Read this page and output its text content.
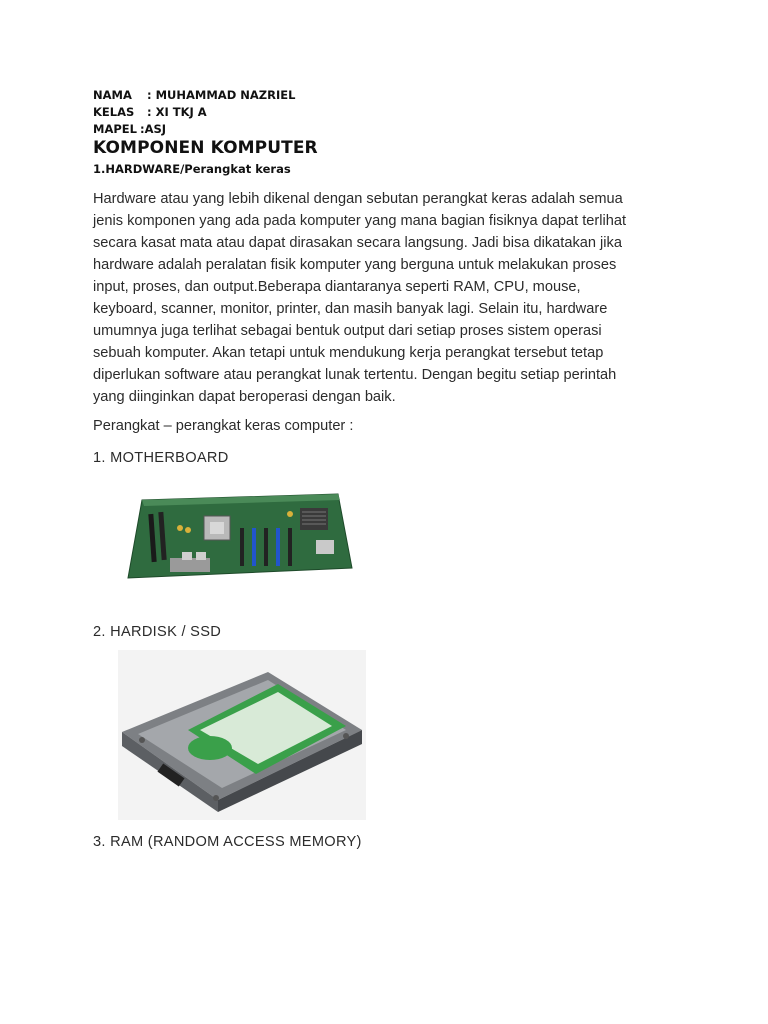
NAMA : MUHAMMAD NAZRIEL
KELAS : XI TKJ A
MAPEL :ASJ
KOMPONEN KOMPUTER
1.HARDWARE/Perangkat keras

Hardware atau yang lebih dikenal dengan sebutan perangkat keras adalah semua
jenis komponen yang ada pada komputer yang mana bagian fisiknya dapat terlihat
secara kasat mata atau dapat dirasakan secara langsung. Jadi bisa dikatakan jika
hardware adalah peralatan fisik komputer yang berguna untuk melakukan proses
input, proses, dan output.Beberapa diantaranya seperti RAM, CPU, mouse,
keyboard, scanner, monitor, printer, dan masih banyak lagi. Selain itu, hardware
umumnya juga terlihat sebagai bentuk output dari setiap proses sistem operasi
sebuah komputer. Akan tetapi untuk mendukung kerja perangkat tersebut tetap
diperlukan software atau perangkat lunak tertentu. Dengan begitu setiap perintah
yang diinginkan dapat beroperasi dengan baik.

Perangkat – perangkat keras computer :
1. MOTHERBOARD
2. HARDISK / SSD
3. RAM (RANDOM ACCESS MEMORY)
